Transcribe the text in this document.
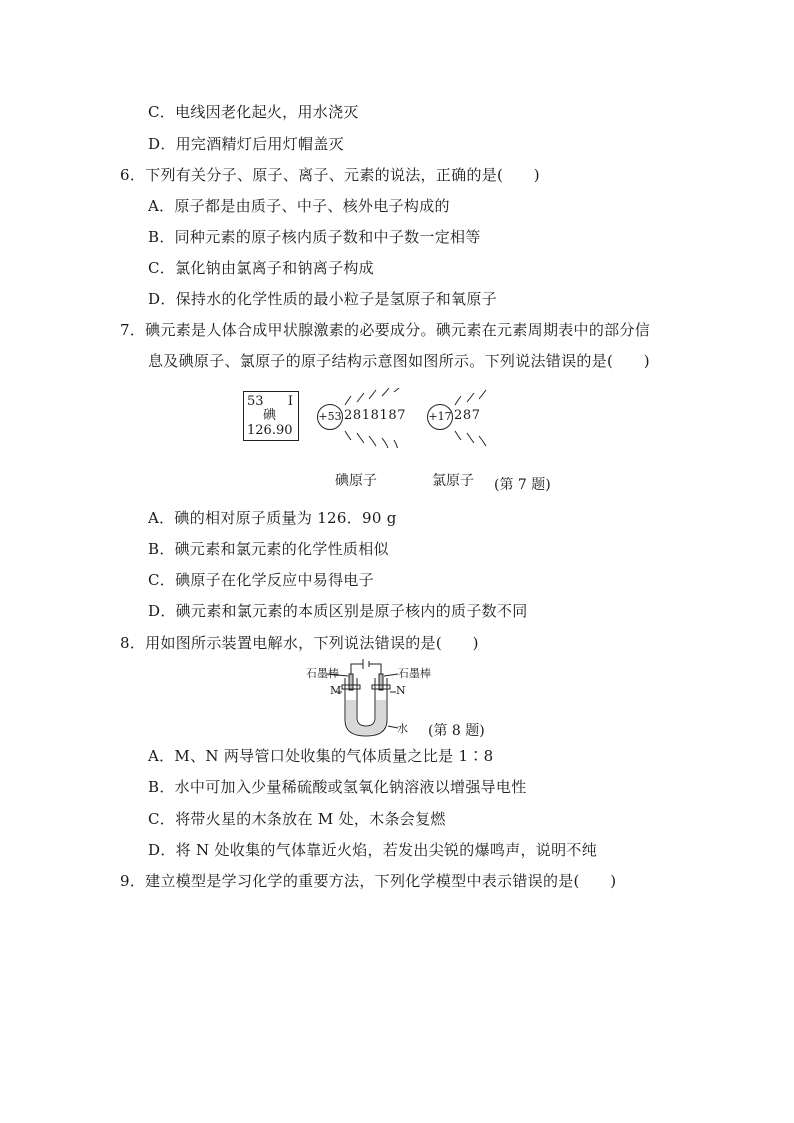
C．电线因老化起火，用水浇灭
D．用完酒精灯后用灯帽盖灭
6．下列有关分子、原子、离子、元素的说法，正确的是(　　)
A．原子都是由质子、中子、核外电子构成的
B．同种元素的原子核内质子数和中子数一定相等
C．氯化钠由氯离子和钠离子构成
D．保持水的化学性质的最小粒子是氢原子和氧原子
7．碘元素是人体合成甲状腺激素的必要成分。碘元素在元素周期表中的部分信
息及碘原子、氯原子的原子结构示意图如图所示。下列说法错误的是(　　)
53 I
碘
126.90
+53 2818187 +17 287
碘原子	氯原子 (第 7 题)
A．碘的相对原子质量为 126．90 g
B．碘元素和氯元素的化学性质相似
C．碘原子在化学反应中易得电子
D．碘元素和氯元素的本质区别是原子核内的质子数不同
8．用如图所示装置电解水，下列说法错误的是(　　)
石墨棒	石墨棒
M	N
水 (第 8 题)
A．M、N 两导管口处收集的气体质量之比是 1∶8
B．水中可加入少量稀硫酸或氢氧化钠溶液以增强导电性
C．将带火星的木条放在 M 处，木条会复燃
D．将 N 处收集的气体靠近火焰，若发出尖锐的爆鸣声，说明不纯
9．建立模型是学习化学的重要方法，下列化学模型中表示错误的是(　　)
